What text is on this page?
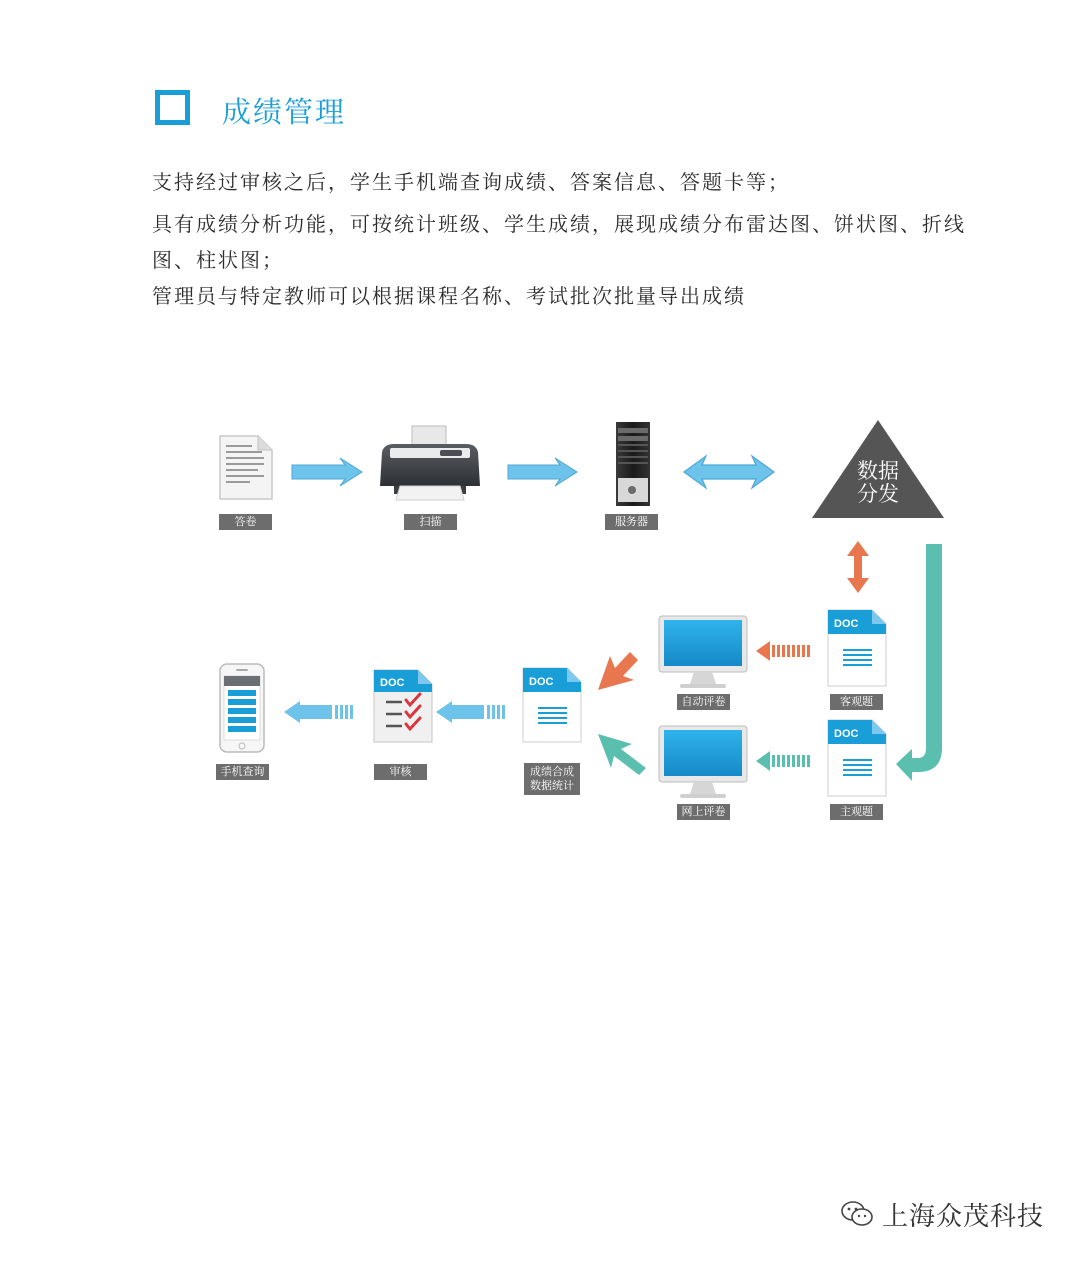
成绩管理
支持经过审核之后，学生手机端查询成绩、答案信息、答题卡等；
具有成绩分析功能，可按统计班级、学生成绩，展现成绩分布雷达图、饼状图、折线图、柱状图；
管理员与特定教师可以根据课程名称、考试批次批量导出成绩
DOC
DOC
DOC
DOC
数据
分发
答卷	扫描	服务器
客观题
主观题
自动评卷
网上评卷
成绩合成
数据统计
审核
手机查询
上海众茂科技
